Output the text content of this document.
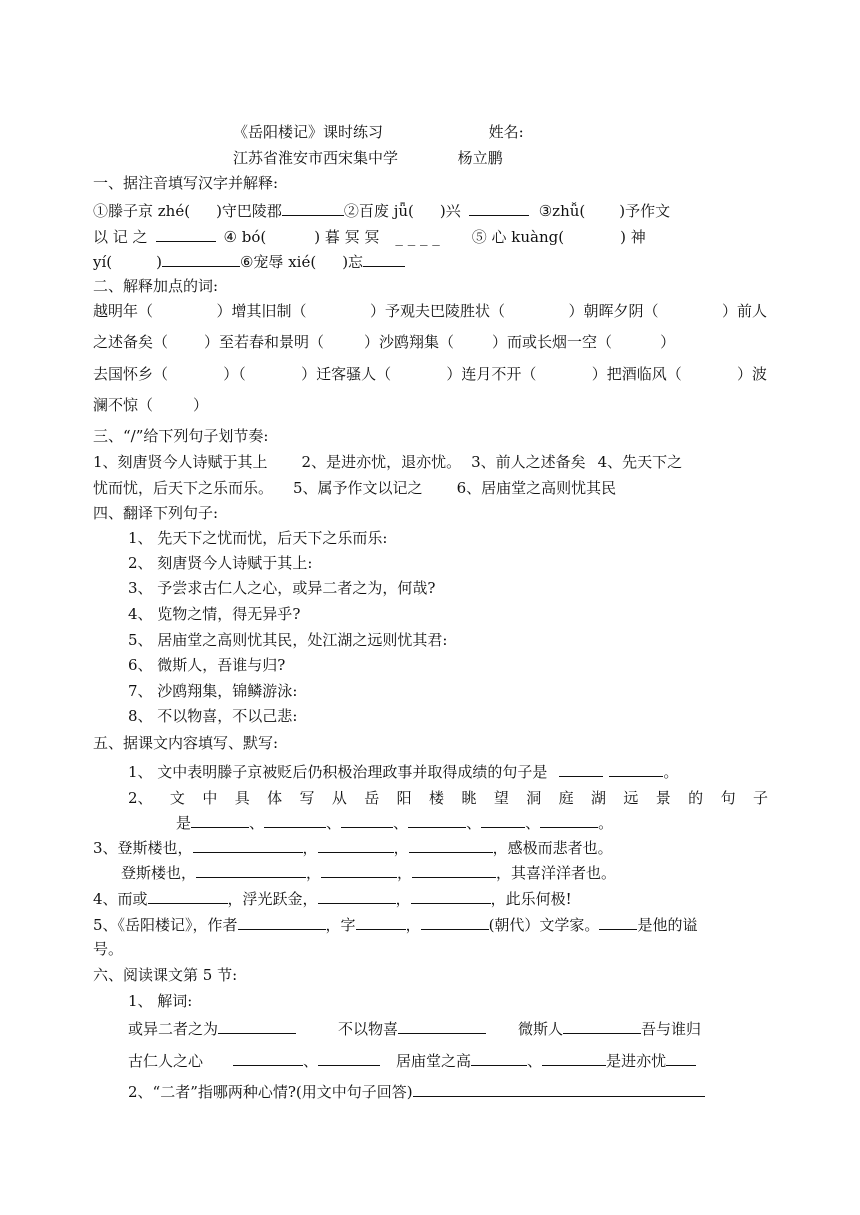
《岳阳楼记》课时练习	姓名:
江苏省淮安市西宋集中学	杨立鹏
一、据注音填写汉字并解释:
①滕子京 zhé( )守巴陵郡	②百废 jǖ( )兴	③zhǚ( )予作文
以 记 之	④ bó(	) 暮 冥 冥 _ _ _ _ ⑤ 心 kuàng(	) 神
yí(	)	⑥宠辱 xié( )忘
二、解释加点的词:
越明年（	）增其旧制（	）予观夫巴陵胜状（	）朝晖夕阴（	）前人
之述备矣（ ）至若春和景明（	）沙鸥翔集（	）而或长烟一空（	）
去国怀乡（	）（	）迁客骚人（	）连月不开（	）把酒临风（	）波
澜不惊（	）
三、“/”给下列句子划节奏:
1、刻唐贤今人诗赋于其上 2、是进亦忧，退亦忧。 3、前人之述备矣 4、先天下之
忧而忧，后天下之乐而乐。 5、属予作文以记之 6、居庙堂之高则忧其民
四、翻译下列句子:
1、 先天下之忧而忧，后天下之乐而乐:
2、 刻唐贤今人诗赋于其上:
3、 予尝求古仁人之心，或异二者之为，何哉?
4、 览物之情，得无异乎?
5、 居庙堂之高则忧其民，处江湖之远则忧其君:
6、 微斯人，吾谁与归?
7、 沙鸥翔集，锦鳞游泳:
8、 不以物喜，不以己悲:
五、据课文内容填写、默写:
1、 文中表明滕子京被贬后仍积极治理政事并取得成绩的句子是	。
2、 文 中 具 体 写 从 岳 阳 楼 眺 望 洞 庭 湖 远 景 的 句 子
是	、	、	、	、	、	。
3、登斯楼也，	，	，	，感极而悲者也。
登斯楼也，	，	，	，其喜洋洋者也。
4、而或	，浮光跃金，	，	，此乐何极!
5、《岳阳楼记》，作者	，字	，	(朝代）文学家。	是他的谥
号。
六、阅读课文第 5 节:
1、 解词:
或异二者之为	不以物喜	微斯人	吾与谁归
古仁人之心	、	居庙堂之高	、	是进亦忧
2、“二者”指哪两种心情?(用文中句子回答)
